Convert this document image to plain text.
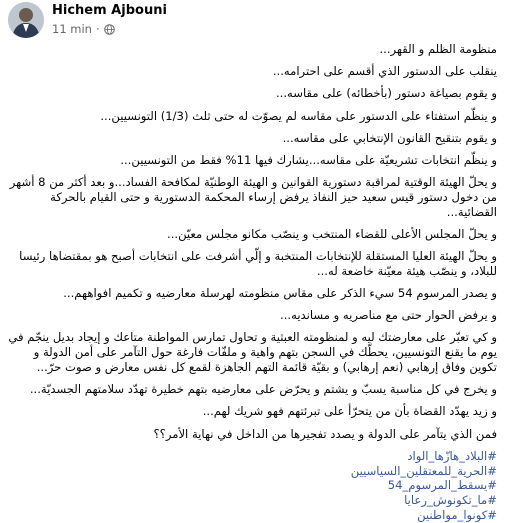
Hichem Ajbouni
11 min ·

منظومة الظلم و القهر...

ينقلب على الدستور الذي أقسم على احترامه...

و يقوم بصياغة دستور (بأخطائه) على مقاسه...

و ينظّم استفتاء على الدستور على مقاسه لم يصوّت له حتى ثلث (1/3) التونسيين...

و يقوم بتنقيح القانون الإنتخابي على مقاسه...

و ينظّم انتخابات تشريعيّة على مقاسه...يشارك فيها 11% فقط من التونسيين...

و يحلّ الهيئة الوقتية لمراقبة دستورية القوانين و الهيئة الوطنيّة لمكافحة الفساد...و بعد أكثر من 8 أشهر من دخول دستور قيس سعيد حيز النفاذ يرفض إرساء المحكمة الدستورية و حتى القيام بالحركة القضائية...

و يحلّ المجلس الأعلى للقضاء المنتخب و ينصّب مكانو مجلس معيّن...

و يحلّ الهيئة العليا المستقلة للإنتخابات المنتخبة و إلّي أشرفت على انتخابات أصبح هو بمقتضاها رئيسا للبلاد، و ينصّب هيئة معيّنة خاضعة له...

و يصدر المرسوم 54 سيء الذكر على مقاس منظومته لهرسلة معارضيه و تكميم افواههم...

و يرفض الحوار حتى مع مناصريه و مسانديه...

و كي تعبّر على معارضتك ليه و لمنظومته العبثية و تحاول تمارس المواطنة متاعك و إيجاد بديل ينجّم في يوم ما يقنع التونسيين، يحطّك في السجن بتهم واهية و ملفّات فارغة حول التآمر على أمن الدولة و تكوين وفاق إرهابي (نعم إرهابي) و بقيّة قائمة التهم الجاهزة لقمع كل نفس معارض و صوت حرّ...

و يخرج في كل مناسبة يسبّ و يشتم و يحرّض على معارضيه بتهم خطيرة تهدّد سلامتهم الجسديّة...

و زيد يهدّد القضاة بأن من يتحرّأ على تبرئتهم فهو شريك لهم...

فمن الذي يتآمر على الدولة و يصدد تفجيرها من الداخل في نهاية الأمر؟؟

#البلاد_هازّها_الواد
#الحرية_للمعتقلين_السياسيين
#يسقط_المرسوم_54
#ما_تكونوش_رعايا
#كونوا_مواطنين
